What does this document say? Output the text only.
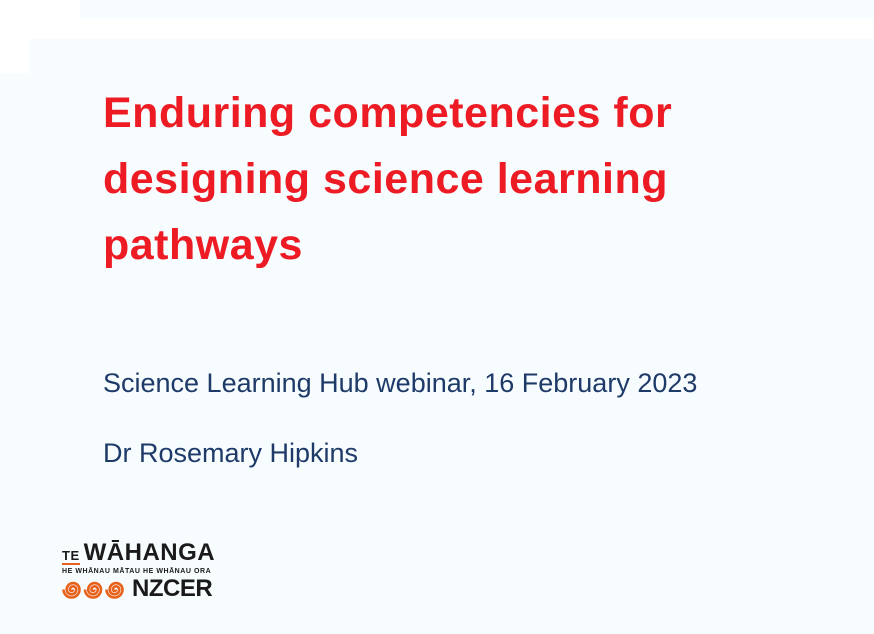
Enduring competencies for
designing science learning
pathways
Science Learning Hub webinar, 16 February 2023
Dr Rosemary Hipkins
TE WĀHANGA
HE WHĀNAU MĀTAU HE WHĀNAU ORA
NZCER
